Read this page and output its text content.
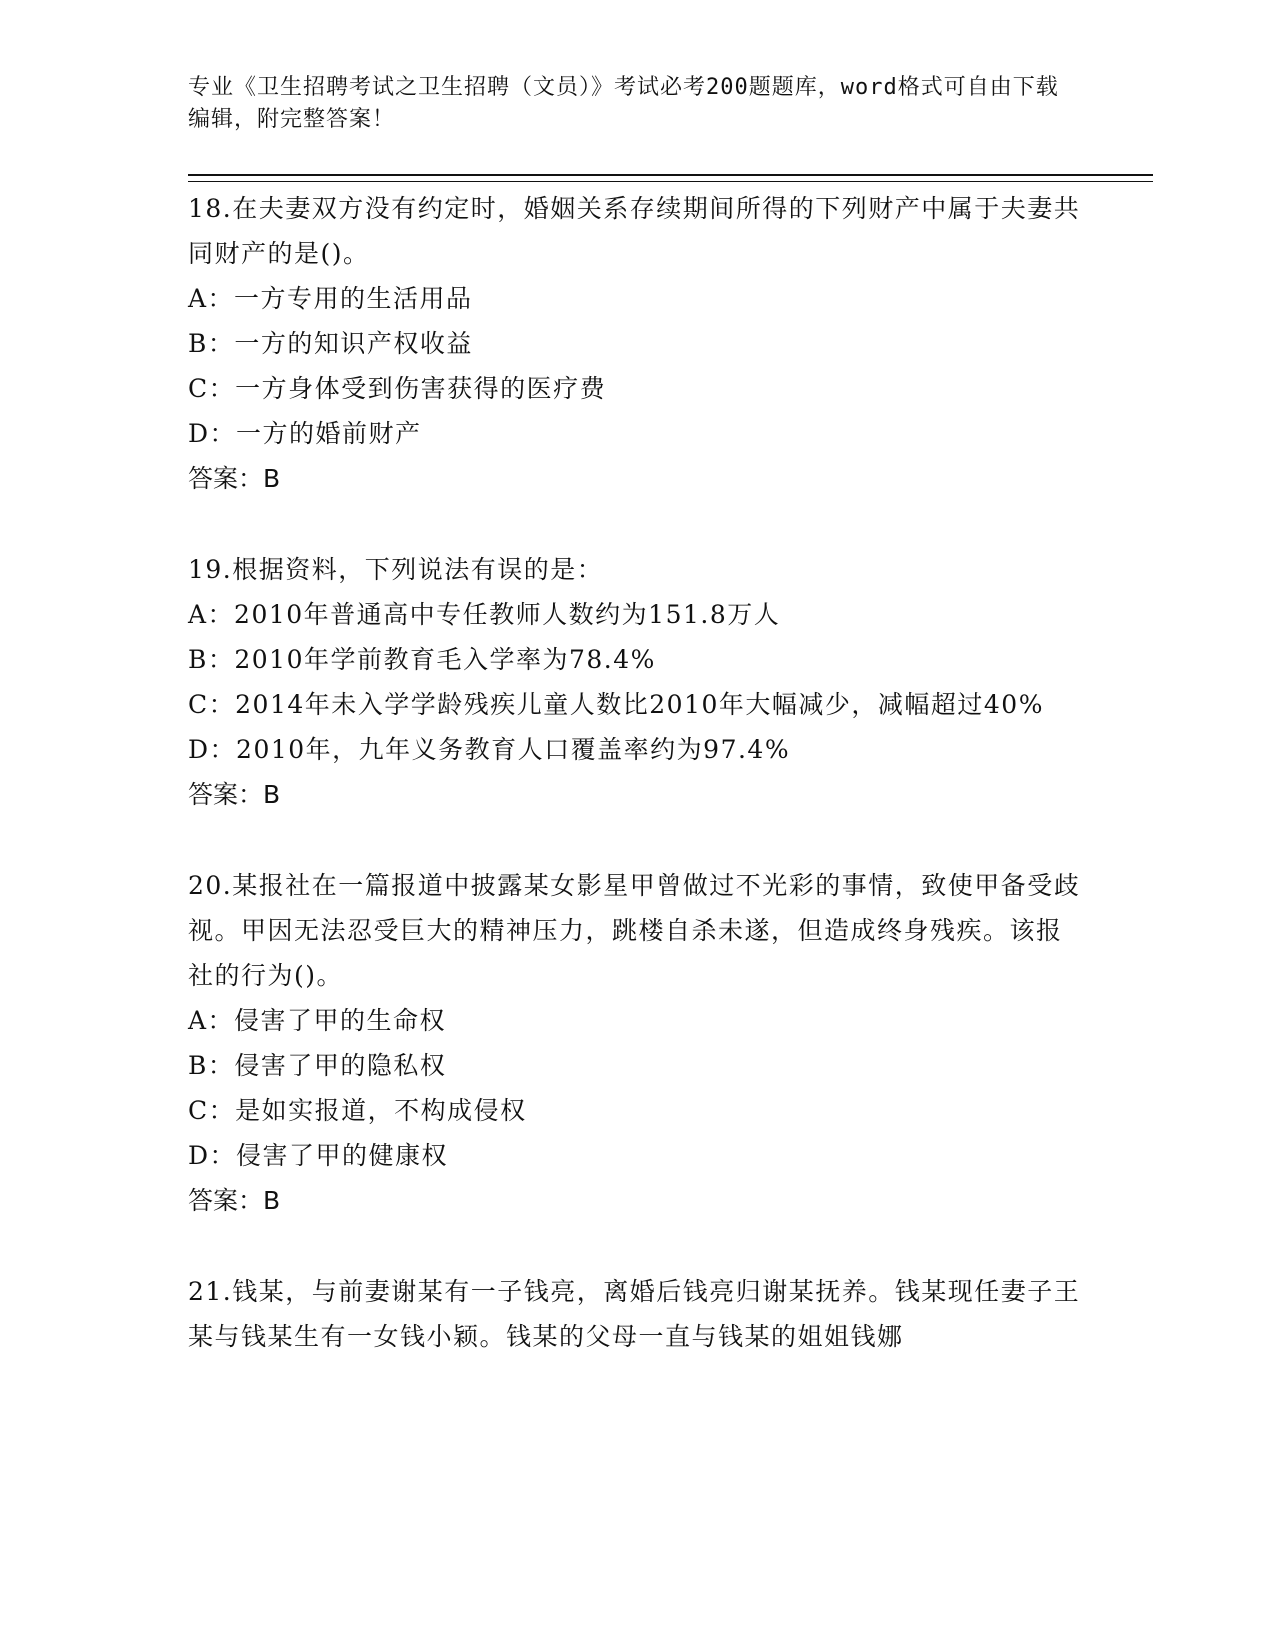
专业《卫生招聘考试之卫生招聘（文员）》考试必考200题题库，word格式可自由下载编辑，附完整答案！
18.在夫妻双方没有约定时，婚姻关系存续期间所得的下列财产中属于夫妻共同财产的是()。
A：一方专用的生活用品
B：一方的知识产权收益
C：一方身体受到伤害获得的医疗费
D：一方的婚前财产
答案：B
19.根据资料，下列说法有误的是：
A：2010年普通高中专任教师人数约为151.8万人
B：2010年学前教育毛入学率为78.4%
C：2014年未入学学龄残疾儿童人数比2010年大幅减少，减幅超过40%
D：2010年，九年义务教育人口覆盖率约为97.4%
答案：B
20.某报社在一篇报道中披露某女影星甲曾做过不光彩的事情，致使甲备受歧视。甲因无法忍受巨大的精神压力，跳楼自杀未遂，但造成终身残疾。该报社的行为()。
A：侵害了甲的生命权
B：侵害了甲的隐私权
C：是如实报道，不构成侵权
D：侵害了甲的健康权
答案：B
21.钱某，与前妻谢某有一子钱亮，离婚后钱亮归谢某抚养。钱某现任妻子王某与钱某生有一女钱小颖。钱某的父母一直与钱某的姐姐钱娜
